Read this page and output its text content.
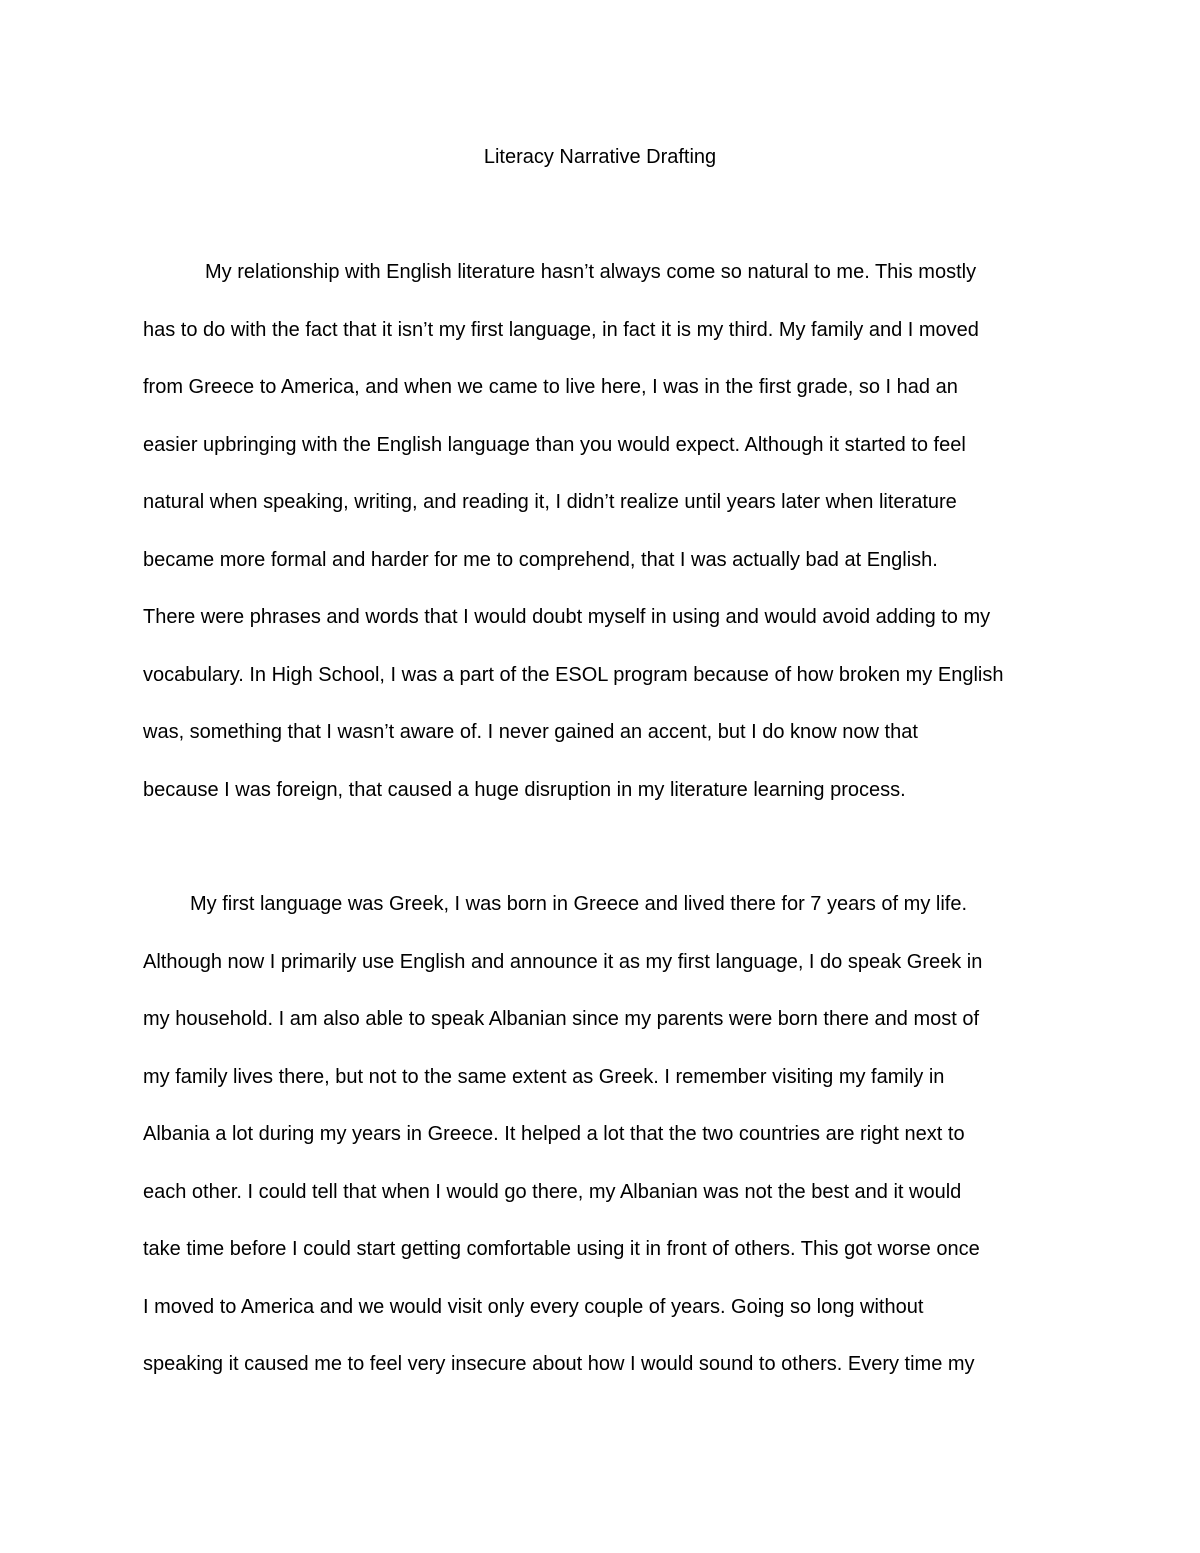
Literacy Narrative Drafting
My relationship with English literature hasn’t always come so natural to me. This mostly
has to do with the fact that it isn’t my first language, in fact it is my third. My family and I moved
from Greece to America, and when we came to live here, I was in the first grade, so I had an
easier upbringing with the English language than you would expect. Although it started to feel
natural when speaking, writing, and reading it, I didn’t realize until years later when literature
became more formal and harder for me to comprehend, that I was actually bad at English.
There were phrases and words that I would doubt myself in using and would avoid adding to my
vocabulary. In High School, I was a part of the ESOL program because of how broken my English
was, something that I wasn’t aware of. I never gained an accent, but I do know now that
because I was foreign, that caused a huge disruption in my literature learning process.
My first language was Greek, I was born in Greece and lived there for 7 years of my life.
Although now I primarily use English and announce it as my first language, I do speak Greek in
my household. I am also able to speak Albanian since my parents were born there and most of
my family lives there, but not to the same extent as Greek. I remember visiting my family in
Albania a lot during my years in Greece. It helped a lot that the two countries are right next to
each other. I could tell that when I would go there, my Albanian was not the best and it would
take time before I could start getting comfortable using it in front of others. This got worse once
I moved to America and we would visit only every couple of years. Going so long without
speaking it caused me to feel very insecure about how I would sound to others. Every time my
